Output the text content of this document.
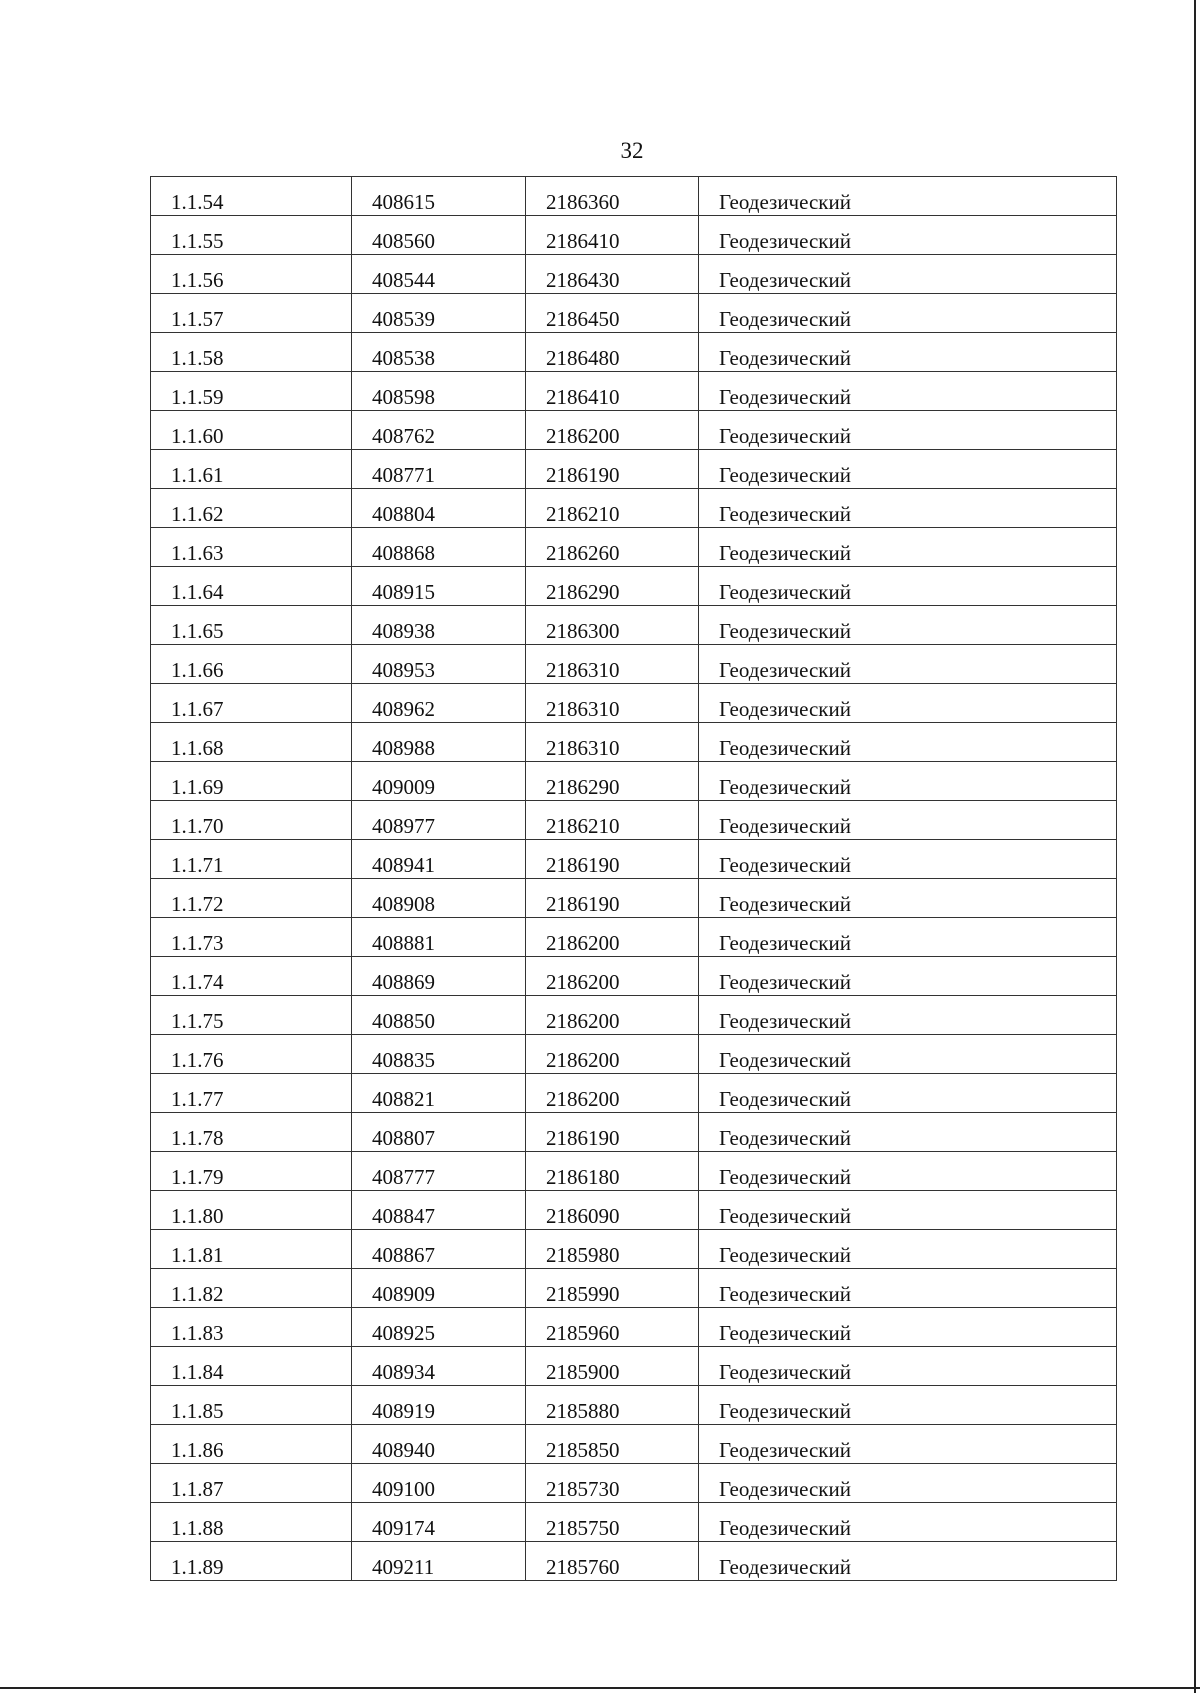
32
1.1.54	408615	2186360	Геодезический
1.1.55	408560	2186410	Геодезический
1.1.56	408544	2186430	Геодезический
1.1.57	408539	2186450	Геодезический
1.1.58	408538	2186480	Геодезический
1.1.59	408598	2186410	Геодезический
1.1.60	408762	2186200	Геодезический
1.1.61	408771	2186190	Геодезический
1.1.62	408804	2186210	Геодезический
1.1.63	408868	2186260	Геодезический
1.1.64	408915	2186290	Геодезический
1.1.65	408938	2186300	Геодезический
1.1.66	408953	2186310	Геодезический
1.1.67	408962	2186310	Геодезический
1.1.68	408988	2186310	Геодезический
1.1.69	409009	2186290	Геодезический
1.1.70	408977	2186210	Геодезический
1.1.71	408941	2186190	Геодезический
1.1.72	408908	2186190	Геодезический
1.1.73	408881	2186200	Геодезический
1.1.74	408869	2186200	Геодезический
1.1.75	408850	2186200	Геодезический
1.1.76	408835	2186200	Геодезический
1.1.77	408821	2186200	Геодезический
1.1.78	408807	2186190	Геодезический
1.1.79	408777	2186180	Геодезический
1.1.80	408847	2186090	Геодезический
1.1.81	408867	2185980	Геодезический
1.1.82	408909	2185990	Геодезический
1.1.83	408925	2185960	Геодезический
1.1.84	408934	2185900	Геодезический
1.1.85	408919	2185880	Геодезический
1.1.86	408940	2185850	Геодезический
1.1.87	409100	2185730	Геодезический
1.1.88	409174	2185750	Геодезический
1.1.89	409211	2185760	Геодезический
